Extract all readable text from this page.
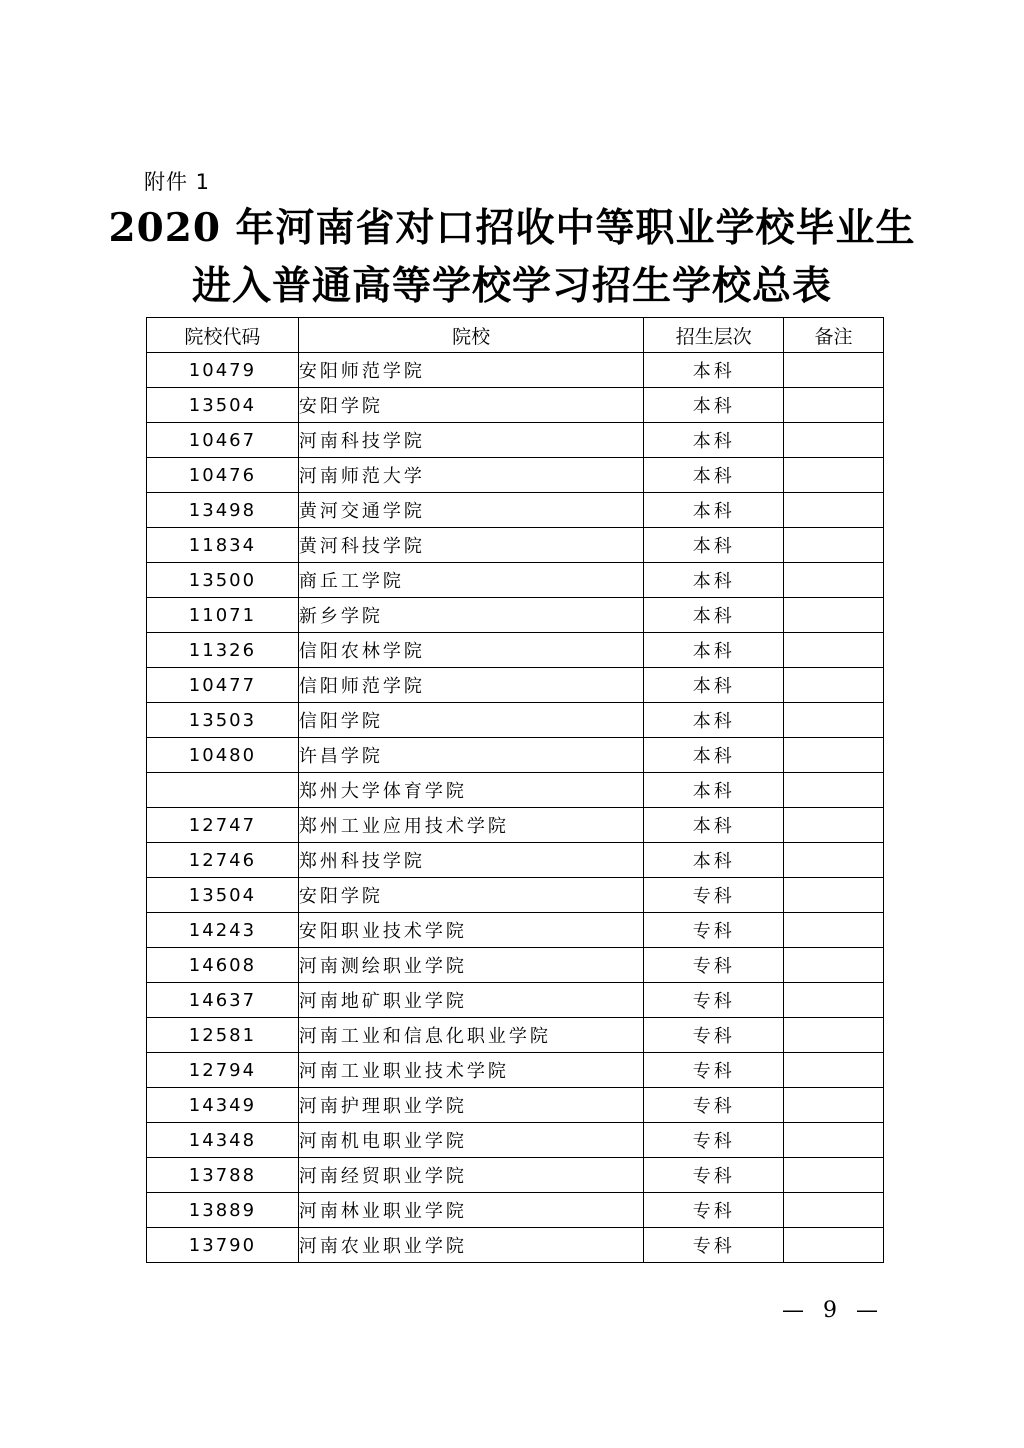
附件 1
2020 年河南省对口招收中等职业学校毕业生
进入普通高等学校学习招生学校总表
院校代码	院校	招生层次	备注
10479	安阳师范学院	本科	
13504	安阳学院	本科	
10467	河南科技学院	本科	
10476	河南师范大学	本科	
13498	黄河交通学院	本科	
11834	黄河科技学院	本科	
13500	商丘工学院	本科	
11071	新乡学院	本科	
11326	信阳农林学院	本科	
10477	信阳师范学院	本科	
13503	信阳学院	本科	
10480	许昌学院	本科	
	郑州大学体育学院	本科	
12747	郑州工业应用技术学院	本科	
12746	郑州科技学院	本科	
13504	安阳学院	专科	
14243	安阳职业技术学院	专科	
14608	河南测绘职业学院	专科	
14637	河南地矿职业学院	专科	
12581	河南工业和信息化职业学院	专科	
12794	河南工业职业技术学院	专科	
14349	河南护理职业学院	专科	
14348	河南机电职业学院	专科	
13788	河南经贸职业学院	专科	
13889	河南林业职业学院	专科	
13790	河南农业职业学院	专科	
— 9 —
